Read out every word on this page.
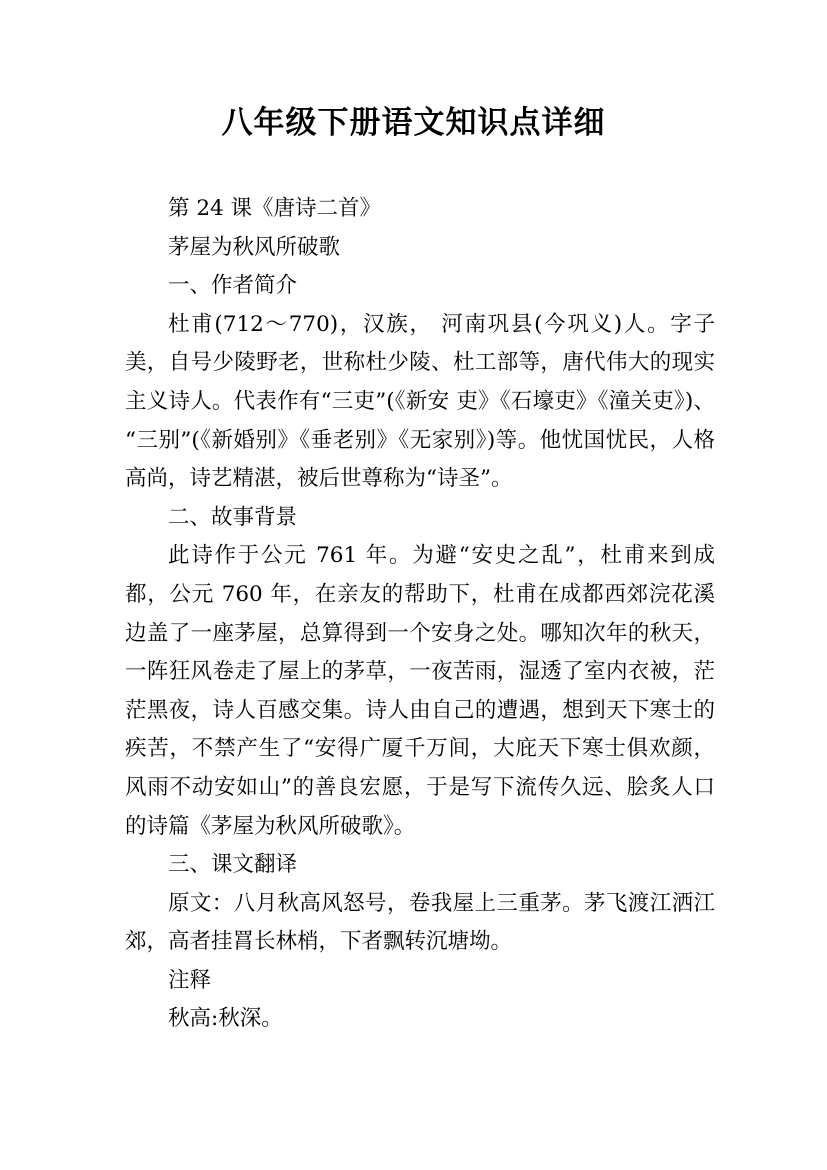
八年级下册语文知识点详细

第 24 课《唐诗二首》

茅屋为秋风所破歌

一、作者简介

杜甫(712～770)，汉族， 河南巩县(今巩义)人。字子美，自号少陵野老，世称杜少陵、杜工部等，唐代伟大的现实主义诗人。代表作有“三吏”(《新安 吏》《石壕吏》《潼关吏》)、 “三别”(《新婚别》《垂老别》《无家别》)等。他忧国忧民，人格高尚，诗艺精湛，被后世尊称为“诗圣”。

二、故事背景

此诗作于公元 761 年。为避“安史之乱”，杜甫来到成都，公元 760 年，在亲友的帮助下，杜甫在成都西郊浣花溪边盖了一座茅屋，总算得到一个安身之处。哪知次年的秋天，一阵狂风卷走了屋上的茅草，一夜苦雨，湿透了室内衣被，茫茫黑夜，诗人百感交集。诗人由自己的遭遇，想到天下寒士的疾苦，不禁产生了“安得广厦千万间，大庇天下寒士俱欢颜，风雨不动安如山”的善良宏愿，于是写下流传久远、脍炙人口的诗篇《茅屋为秋风所破歌》。

三、课文翻译

原文：八月秋高风怒号，卷我屋上三重茅。茅飞渡江洒江郊，高者挂罥长林梢，下者飘转沉塘坳。

注释

秋高:秋深。
